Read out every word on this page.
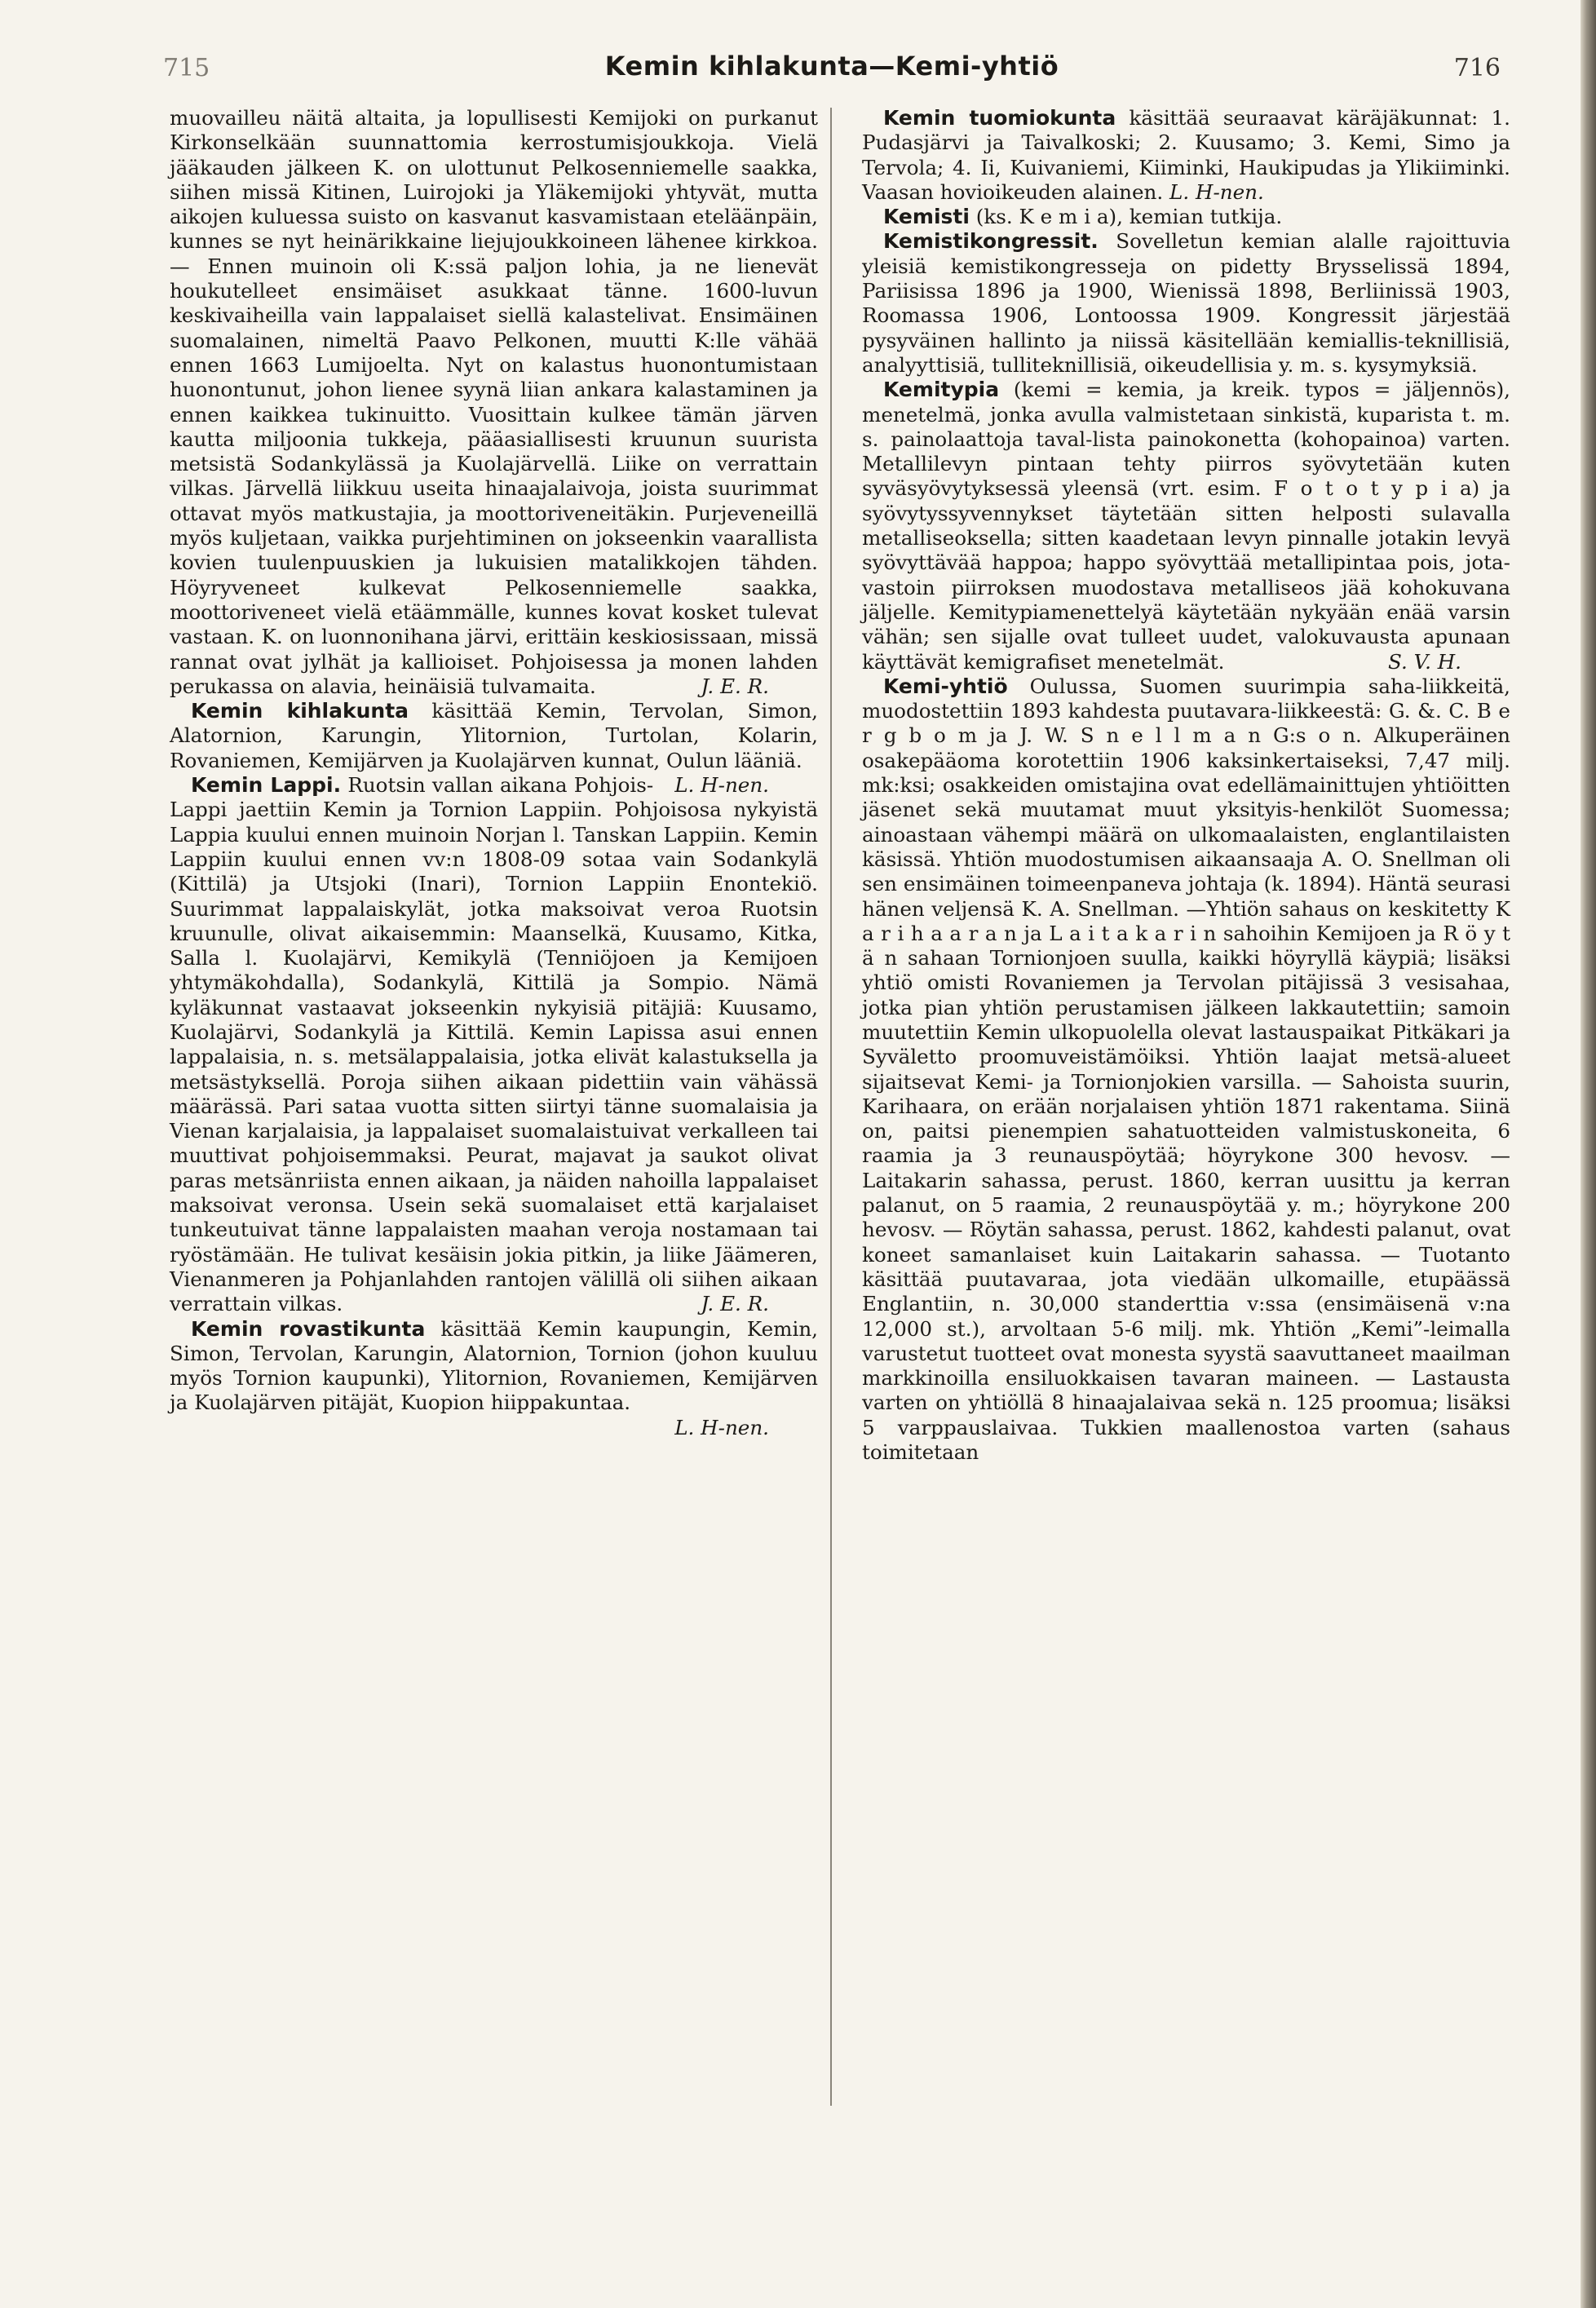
715	Kemin kihlakunta—Kemi-yhtiö	716

muovailleu näitä altaita, ja lopullisesti Kemijoki on purkanut Kirkonselkään suunnattomia kerrostumisjoukkoja. Vielä jääkauden jälkeen K. on ulottunut Pelkosenniemelle saakka, siihen missä Kitinen, Luirojoki ja Yläkemijoki yhtyvät, mutta aikojen kuluessa suisto on kasvanut kasvamistaan eteläänpäin, kunnes se nyt heinärikkaine liejujoukkoineen lähenee kirkkoa. — Ennen muinoin oli K:ssä paljon lohia, ja ne lienevät houkutelleet ensimäiset asukkaat tänne. 1600-luvun keskivaiheilla vain lappalaiset siellä kalastelivat. Ensimäinen suomalainen, nimeltä Paavo Pelkonen, muutti K:lle vähää ennen 1663 Lumijoelta. Nyt on kalastus huonontumistaan huonontunut, johon lienee syynä liian ankara kalastaminen ja ennen kaikkea tukinuitto. Vuosittain kulkee tämän järven kautta miljoonia tukkeja, pääasiallisesti kruunun suurista metsistä Sodankylässä ja Kuolajärvellä. Liike on verrattain vilkas. Järvellä liikkuu useita hinaajalaivoja, joista suurimmat ottavat myös matkustajia, ja moottoriveneitäkin. Purjeveneillä myös kuljetaan, vaikka purjehtiminen on jokseenkin vaarallista kovien tuulenpuuskien ja lukuisien matalikkojen tähden. Höyryveneet kulkevat Pelkosenniemelle saakka, moottoriveneet vielä etäämmälle, kunnes kovat kosket tulevat vastaan. K. on luonnonihana järvi, erittäin keskiosissaan, missä rannat ovat jylhät ja kallioiset. Pohjoisessa ja monen lahden perukassa on alavia, heinäisiä tulvamaita.	J. E. R.

Kemin kihlakunta käsittää Kemin, Tervolan, Simon, Alatornion, Karungin, Ylitornion, Turtolan, Kolarin, Rovaniemen, Kemijärven ja Kuolajärven kunnat, Oulun lääniä.
L. H-nen.

Kemin Lappi. Ruotsin vallan aikana Pohjois-Lappi jaettiin Kemin ja Tornion Lappiin. Pohjoisosa nykyistä Lappia kuului ennen muinoin Norjan l. Tanskan Lappiin. Kemin Lappiin kuului ennen vv:n 1808-09 sotaa vain Sodankylä (Kittilä) ja Utsjoki (Inari), Tornion Lappiin Enontekiö. Suurimmat lappalaiskylät, jotka maksoivat veroa Ruotsin kruunulle, olivat aikaisemmin: Maanselkä, Kuusamo, Kitka, Salla l. Kuolajärvi, Kemikylä (Tenniöjoen ja Kemijoen yhtymäkohdalla), Sodankylä, Kittilä ja Sompio. Nämä kyläkunnat vastaavat jokseenkin nykyisiä pitäjiä: Kuusamo, Kuolajärvi, Sodankylä ja Kittilä. Kemin Lapissa asui ennen lappalaisia, n. s. metsälappalaisia, jotka elivät kalastuksella ja metsästyksellä. Poroja siihen aikaan pidettiin vain vähässä määrässä. Pari sataa vuotta sitten siirtyi tänne suomalaisia ja Vienan karjalaisia, ja lappalaiset suomalaistuivat verkalleen tai muuttivat pohjoisemmaksi. Peurat, majavat ja saukot olivat paras metsänriista ennen aikaan, ja näiden nahoilla lappalaiset maksoivat veronsa. Usein sekä suomalaiset että karjalaiset tunkeutuivat tänne lappalaisten maahan veroja nostamaan tai ryöstämään. He tulivat kesäisin jokia pitkin, ja liike Jäämeren, Vienanmeren ja Pohjanlahden rantojen välillä oli siihen aikaan verrattain vilkas.	J. E. R.

Kemin rovastikunta käsittää Kemin kaupungin, Kemin, Simon, Tervolan, Karungin, Alatornion, Tornion (johon kuuluu myös Tornion kaupunki), Ylitornion, Rovaniemen, Kemijärven ja Kuolajärven pitäjät, Kuopion hiippakuntaa.
L. H-nen.

Kemin tuomiokunta käsittää seuraavat käräjäkunnat: 1. Pudasjärvi ja Taivalkoski; 2. Kuusamo; 3. Kemi, Simo ja Tervola; 4. Ii, Kuivaniemi, Kiiminki, Haukipudas ja Ylikiiminki. Vaasan hovioikeuden alainen. L. H-nen.

Kemisti (ks. K e m i a), kemian tutkija.

Kemistikongressit. Sovelletun kemian alalle rajoittuvia yleisiä kemistikongresseja on pidetty Brysselissä 1894, Pariisissa 1896 ja 1900, Wienissä 1898, Berliinissä 1903, Roomassa 1906, Lontoossa 1909. Kongressit järjestää pysyväinen hallinto ja niissä käsitellään kemiallis-teknillisiä, analyyttisiä, tulliteknillisiä, oikeudellisia y. m. s. kysymyksiä.

Kemitypia (kemi = kemia, ja kreik. typos = jäljennös), menetelmä, jonka avulla valmistetaan sinkistä, kuparista t. m. s. painolaattoja taval-lista painokonetta (kohopainoa) varten. Metallilevyn pintaan tehty piirros syövytetään kuten syväsyövytyksessä yleensä (vrt. esim. F o t o t y p i a) ja syövytyssyvennykset täytetään sitten helposti sulavalla metalliseoksella; sitten kaadetaan levyn pinnalle jotakin levyä syövyttävää happoa; happo syövyttää metallipintaa pois, jota-vastoin piirroksen muodostava metalliseos jää kohokuvana jäljelle. Kemitypiamenettelyä käytetään nykyään enää varsin vähän; sen sijalle ovat tulleet uudet, valokuvausta apunaan käyttävät kemigrafiset menetelmät.	S. V. H.

Kemi-yhtiö Oulussa, Suomen suurimpia saha-liikkeitä, muodostettiin 1893 kahdesta puutavara-liikkeestä: G. &. C. B e r g b o m ja J. W. S n e l l m a n G:s o n. Alkuperäinen osakepääoma korotettiin 1906 kaksinkertaiseksi, 7,47 milj. mk:ksi; osakkeiden omistajina ovat edellämainittujen yhtiöitten jäsenet sekä muutamat muut yksityis-henkilöt Suomessa; ainoastaan vähempi määrä on ulkomaalaisten, englantilaisten käsissä. Yhtiön muodostumisen aikaansaaja A. O. Snellman oli sen ensimäinen toimeenpaneva johtaja (k. 1894). Häntä seurasi hänen veljensä K. A. Snellman. —Yhtiön sahaus on keskitetty K a r i h a a r a n ja L a i t a k a r i n sahoihin Kemijoen ja R ö y t ä n sahaan Tornionjoen suulla, kaikki höyryllä käypiä; lisäksi yhtiö omisti Rovaniemen ja Tervolan pitäjissä 3 vesisahaa, jotka pian yhtiön perustamisen jälkeen lakkautettiin; samoin muutettiin Kemin ulkopuolella olevat lastauspaikat Pitkäkari ja Syväletto proomuveistämöiksi. Yhtiön laajat metsä-alueet sijaitsevat Kemi- ja Tornionjokien varsilla. — Sahoista suurin, Karihaara, on erään norjalaisen yhtiön 1871 rakentama. Siinä on, paitsi pienempien sahatuotteiden valmistuskoneita, 6 raamia ja 3 reunauspöytää; höyrykone 300 hevosv. — Laitakarin sahassa, perust. 1860, kerran uusittu ja kerran palanut, on 5 raamia, 2 reunauspöytää y. m.; höyrykone 200 hevosv. — Röytän sahassa, perust. 1862, kahdesti palanut, ovat koneet samanlaiset kuin Laitakarin sahassa. — Tuotanto käsittää puutavaraa, jota viedään ulkomaille, etupäässä Englantiin, n. 30,000 standerttia v:ssa (ensimäisenä v:na 12,000 st.), arvoltaan 5-6 milj. mk. Yhtiön „Kemi”-leimalla varustetut tuotteet ovat monesta syystä saavuttaneet maailman markkinoilla ensiluokkaisen tavaran maineen. — Lastausta varten on yhtiöllä 8 hinaajalaivaa sekä n. 125 proomua; lisäksi 5 varppauslaivaa. Tukkien maallenostoa varten (sahaus toimitetaan
